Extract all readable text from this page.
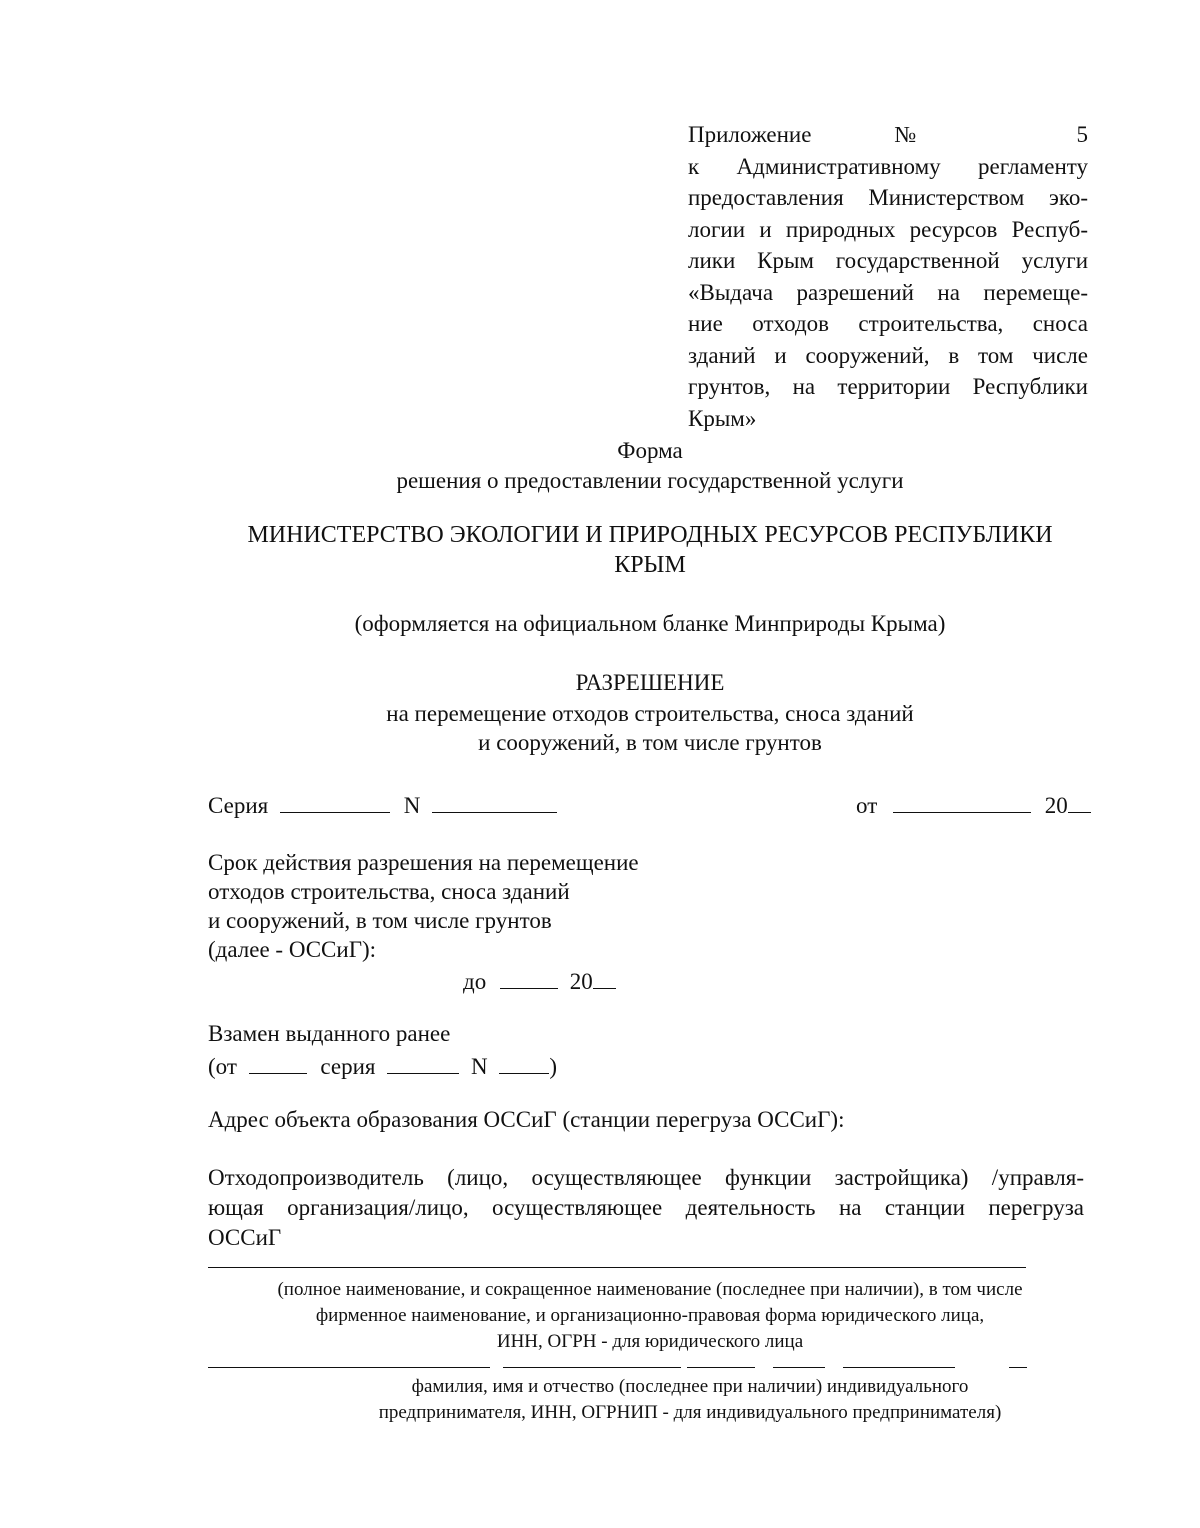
Приложение № 5
к Административному регламенту
предоставления Министерством эко-
логии и природных ресурсов Респуб-
лики Крым государственной услуги
«Выдача разрешений на перемеще-
ние отходов строительства, сноса
зданий и сооружений, в том числе
грунтов, на территории Республики
Крым»
Форма
решения о предоставлении государственной услуги
МИНИСТЕРСТВО ЭКОЛОГИИ И ПРИРОДНЫХ РЕСУРСОВ РЕСПУБЛИКИ
КРЫМ
(оформляется на официальном бланке Минприроды Крыма)
РАЗРЕШЕНИЕ
на перемещение отходов строительства, сноса зданий
и сооружений, в том числе грунтов
Серия	N	от	20
Срок действия разрешения на перемещение
отходов строительства, сноса зданий
и сооружений, в том числе грунтов
(далее - ОССиГ):
до	20
Взамен выданного ранее
(от	серия	N	)
Адрес объекта образования ОССиГ (станции перегруза ОССиГ):
Отходопроизводитель (лицо, осуществляющее функции застройщика) /управля-
ющая организация/лицо, осуществляющее деятельность на станции перегруза
ОССиГ
(полное наименование, и сокращенное наименование (последнее при наличии), в том числе
фирменное наименование, и организационно-правовая форма юридического лица,
ИНН, ОГРН - для юридического лица
фамилия, имя и отчество (последнее при наличии) индивидуального
предпринимателя, ИНН, ОГРНИП - для индивидуального предпринимателя)
